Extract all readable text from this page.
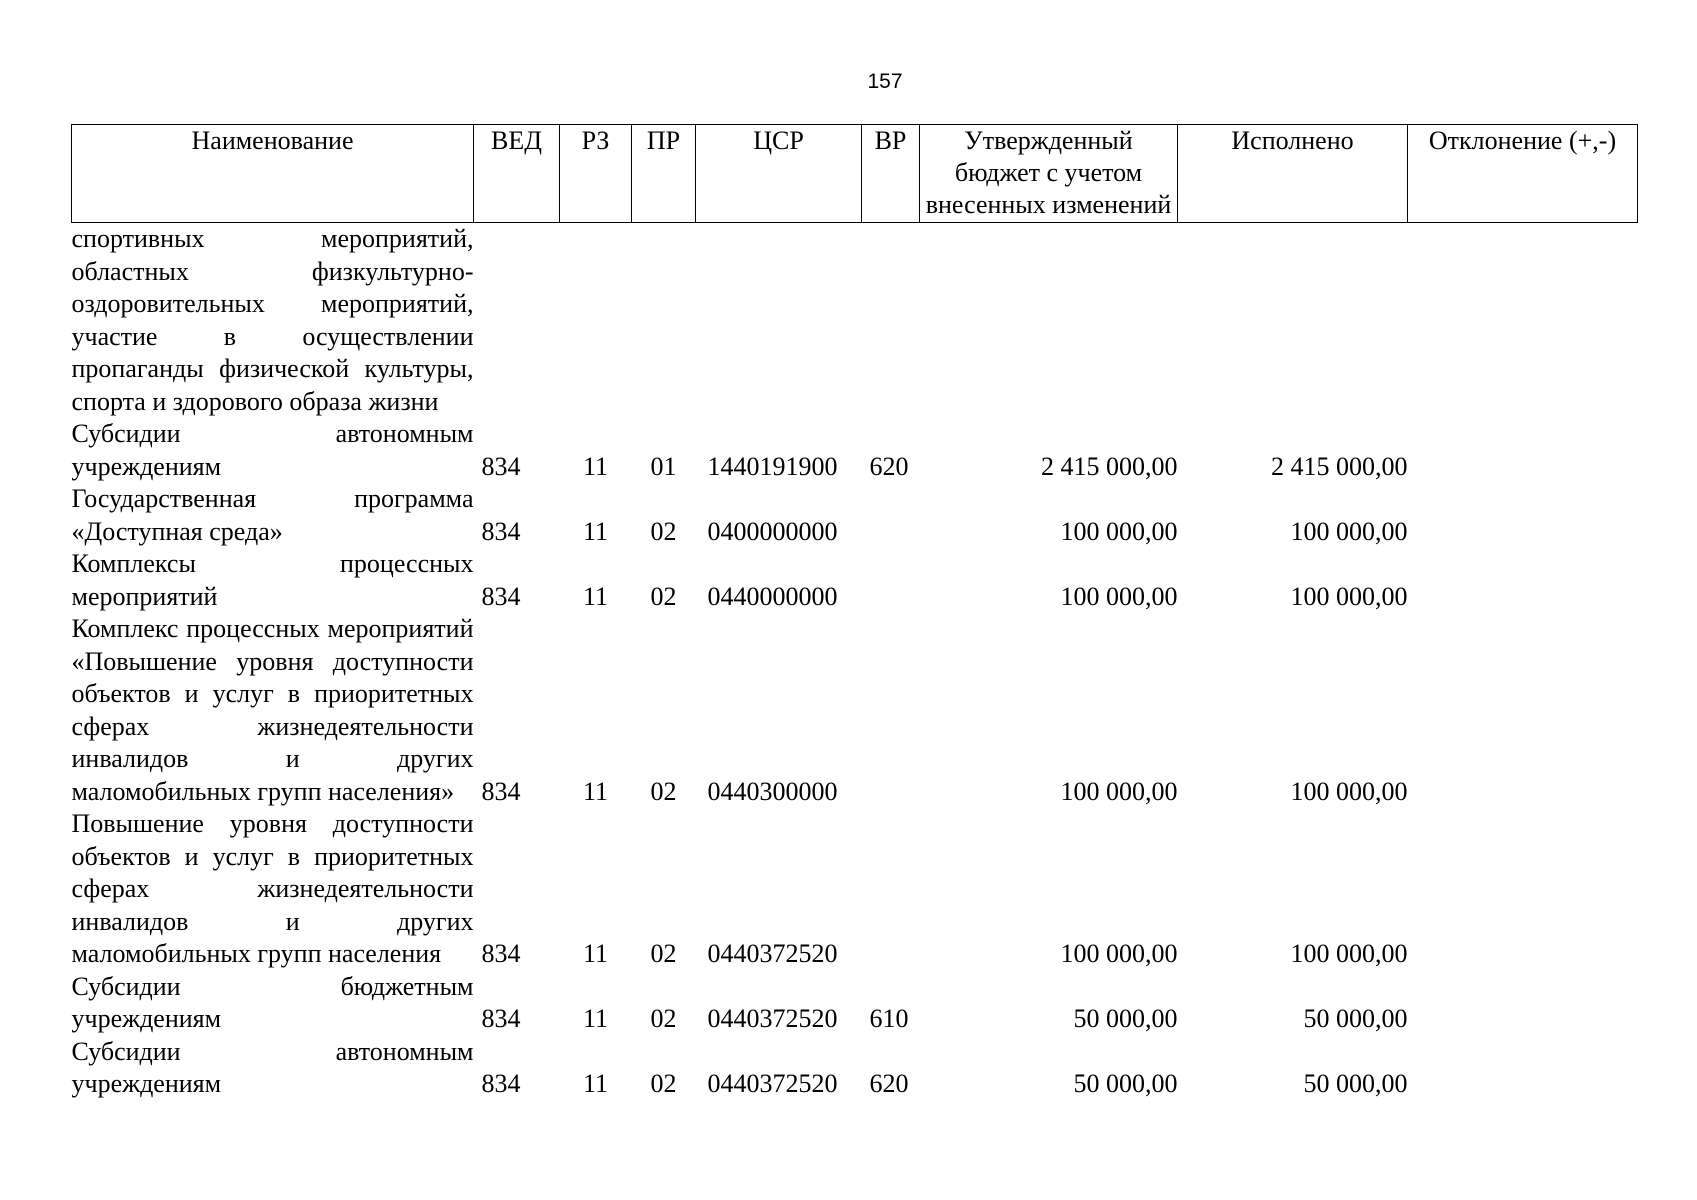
157
Наименование	ВЕД	РЗ	ПР	ЦСР	ВР	Утвержденный бюджет с учетом внесенных изменений	Исполнено	Отклонение (+,-)
спортивных мероприятий, областных физкультурно-оздоровительных мероприятий, участие в осуществлении пропаганды физической культуры, спорта и здорового образа жизни								
Субсидии автономным учреждениям	834	11	01	1440191900	620	2 415 000,00	2 415 000,00	
Государственная программа «Доступная среда»	834	11	02	0400000000		100 000,00	100 000,00	
Комплексы процессных мероприятий	834	11	02	0440000000		100 000,00	100 000,00	
Комплекс процессных мероприятий «Повышение уровня доступности объектов и услуг в приоритетных сферах жизнедеятельности инвалидов и других маломобильных групп населения»	834	11	02	0440300000		100 000,00	100 000,00	
Повышение уровня доступности объектов и услуг в приоритетных сферах жизнедеятельности инвалидов и других маломобильных групп населения	834	11	02	0440372520		100 000,00	100 000,00	
Субсидии бюджетным учреждениям	834	11	02	0440372520	610	50 000,00	50 000,00	
Субсидии автономным учреждениям	834	11	02	0440372520	620	50 000,00	50 000,00	
